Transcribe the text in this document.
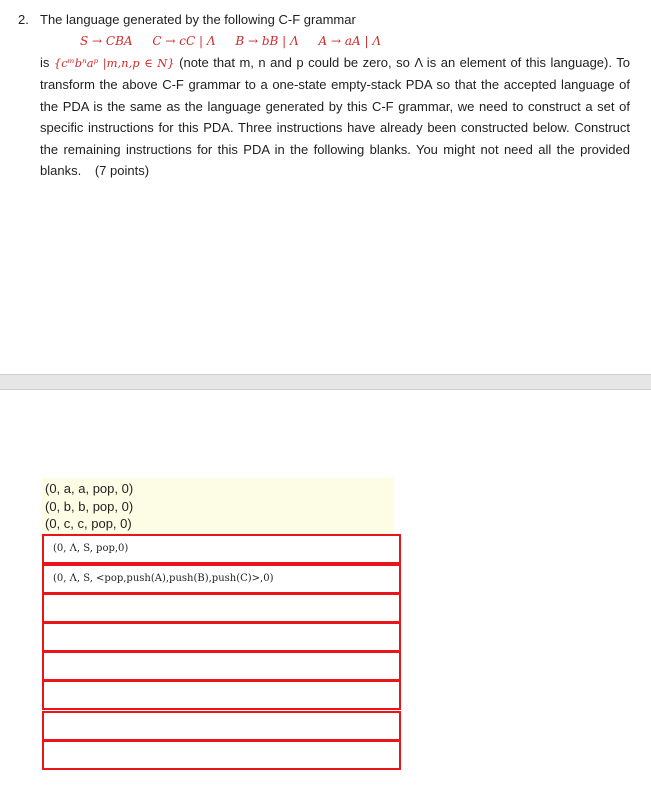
2. The language generated by the following C-F grammar
S → CBA C → cC | Λ B → bB | Λ A → aA | Λ
is {cᵐbⁿaᵖ |m,n,p ∈ N} (note that m, n and p could be zero, so Λ is an element of this language). To transform the above C-F grammar to a one-state empty-stack PDA so that the accepted language of the PDA is the same as the language generated by this C-F grammar, we need to construct a set of specific instructions for this PDA. Three instructions have already been constructed below. Construct the remaining instructions for this PDA in the following blanks. You might not need all the provided blanks. (7 points)
(0, a, a, pop, 0)
(0, b, b, pop, 0)
(0, c, c, pop, 0)
(0, Λ, S, pop,0)
(0, Λ, S, <pop,push(A),push(B),push(C)>,0)
